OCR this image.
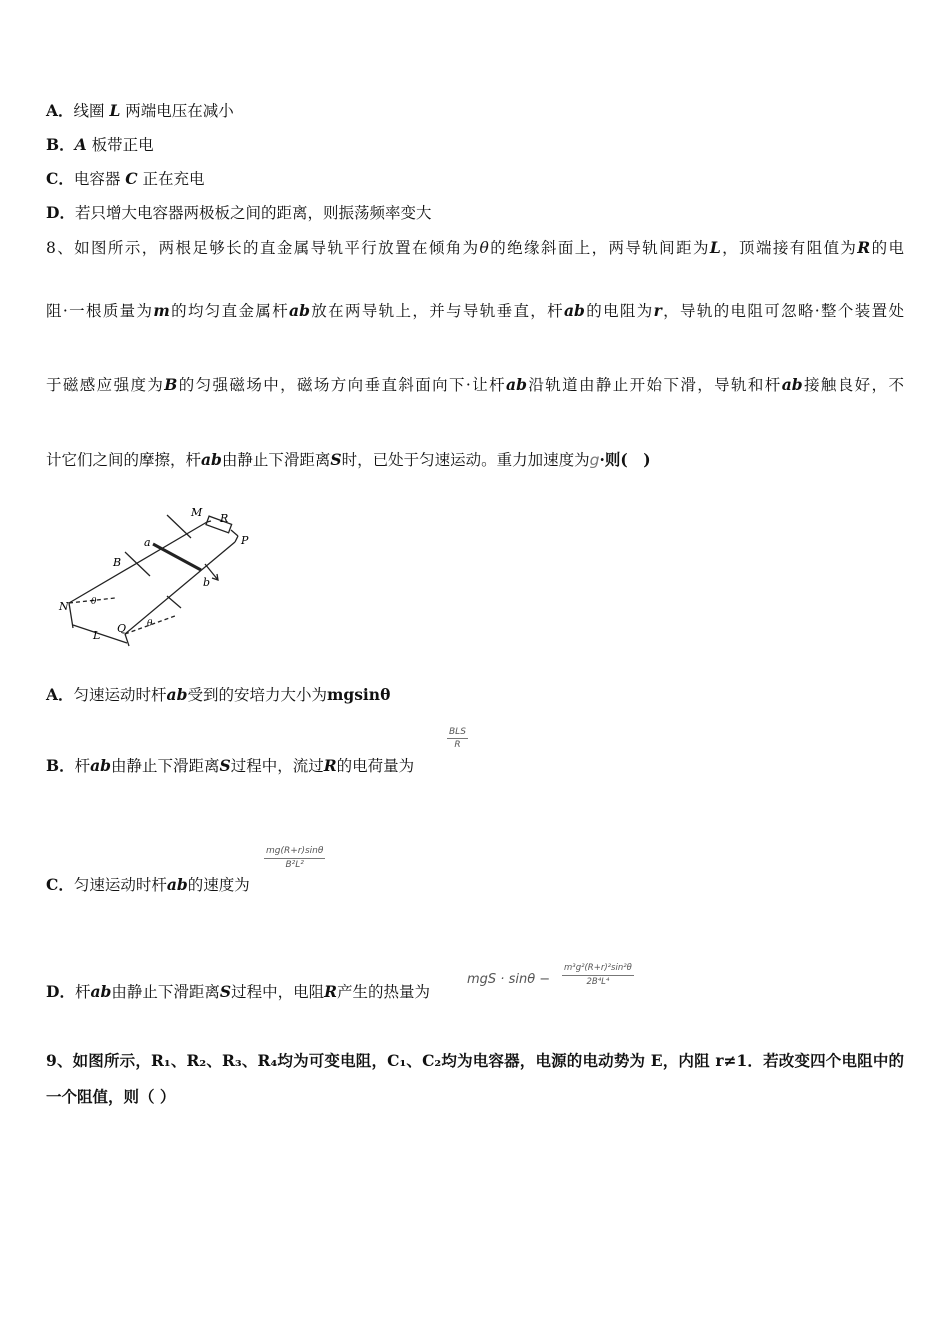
A．线圈 L 两端电压在减小
B．A 板带正电
C．电容器 C 正在充电
D．若只增大电容器两极板之间的距离，则振荡频率变大
8、如图所示，两根足够长的直金属导轨平行放置在倾角为θ的绝缘斜面上，两导轨间距为L，顶端接有阻值为R的电
阻·一根质量为m的均匀直金属杆ab放在两导轨上，并与导轨垂直，杆ab的电阻为r，导轨的电阻可忽略·整个装置处
于磁感应强度为B的匀强磁场中，磁场方向垂直斜面向下·让杆ab沿轨道由静止开始下滑，导轨和杆ab接触良好，不
计它们之间的摩擦，杆ab由静止下滑距离S时，已处于匀速运动。重力加速度为g·则(　)
M R
P
a
b
B
N
Q
L
θ
θ
A．匀速运动时杆ab受到的安培力大小为mgsinθ
B．杆ab由静止下滑距离S过程中，流过R的电荷量为
BLS
R
C．匀速运动时杆ab的速度为
$\frac{mg(R+r)\sin\theta}{\text{B²L²}}$
D．杆ab由静止下滑距离S过程中，电阻R产生的热量为
mgS · $\sin\theta - \frac{\text{m³g²(R+r)²sin²θ}}{\text{2B⁴L⁴}}$
9、如图所示，R₁、R₂、R₃、R₄均为可变电阻，C₁、C₂均为电容器，电源的电动势为 E，内阻 r≠1．若改变四个电阻中的
一个阻值，则（ ）
